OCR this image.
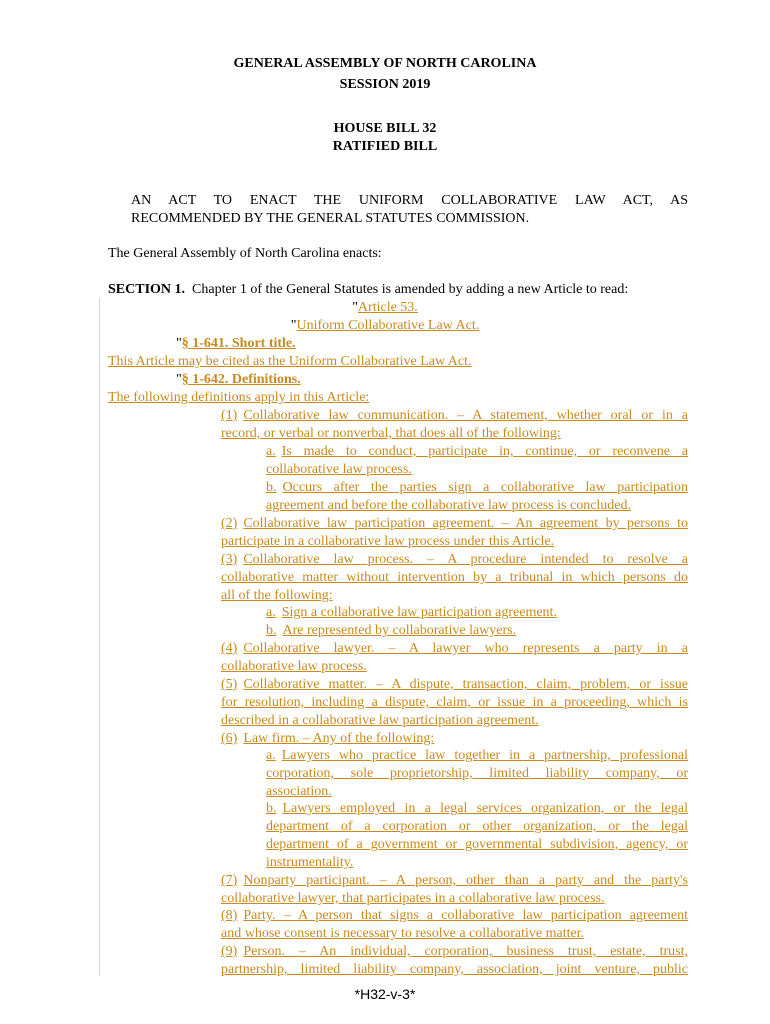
GENERAL ASSEMBLY OF NORTH CAROLINA
SESSION 2019
HOUSE BILL 32
RATIFIED BILL
AN ACT TO ENACT THE UNIFORM COLLABORATIVE LAW ACT, AS
RECOMMENDED BY THE GENERAL STATUTES COMMISSION.
The General Assembly of North Carolina enacts:
SECTION 1. Chapter 1 of the General Statutes is amended by adding a new Article to read:
"Article 53.
"Uniform Collaborative Law Act.
"§ 1-641. Short title.
This Article may be cited as the Uniform Collaborative Law Act.
"§ 1-642. Definitions.
The following definitions apply in this Article:
(1) Collaborative law communication. – A statement, whether oral or in a
record, or verbal or nonverbal, that does all of the following:
a. Is made to conduct, participate in, continue, or reconvene a
collaborative law process.
b. Occurs after the parties sign a collaborative law participation
agreement and before the collaborative law process is concluded.
(2) Collaborative law participation agreement. – An agreement by persons to
participate in a collaborative law process under this Article.
(3) Collaborative law process. – A procedure intended to resolve a
collaborative matter without intervention by a tribunal in which persons do
all of the following:
a. Sign a collaborative law participation agreement.
b. Are represented by collaborative lawyers.
(4) Collaborative lawyer. – A lawyer who represents a party in a
collaborative law process.
(5) Collaborative matter. – A dispute, transaction, claim, problem, or issue
for resolution, including a dispute, claim, or issue in a proceeding, which is
described in a collaborative law participation agreement.
(6) Law firm. – Any of the following:
a. Lawyers who practice law together in a partnership, professional
corporation, sole proprietorship, limited liability company, or
association.
b. Lawyers employed in a legal services organization, or the legal
department of a corporation or other organization, or the legal
department of a government or governmental subdivision, agency, or
instrumentality.
(7) Nonparty participant. – A person, other than a party and the party's
collaborative lawyer, that participates in a collaborative law process.
(8) Party. – A person that signs a collaborative law participation agreement
and whose consent is necessary to resolve a collaborative matter.
(9) Person. – An individual, corporation, business trust, estate, trust,
partnership, limited liability company, association, joint venture, public
*H32-v-3*
